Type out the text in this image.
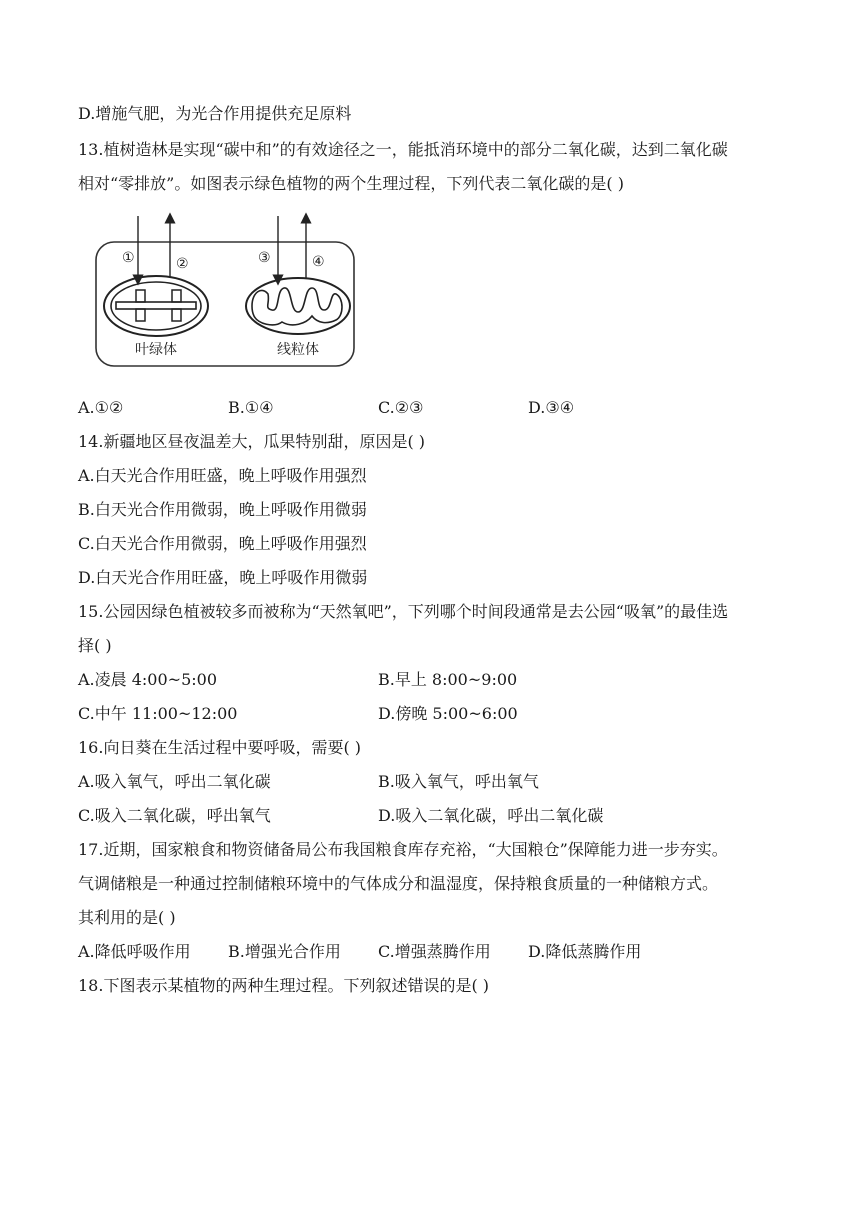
D.增施气肥，为光合作用提供充足原料
13.植树造林是实现“碳中和”的有效途径之一，能抵消环境中的部分二氧化碳，达到二氧化碳
相对“零排放”。如图表示绿色植物的两个生理过程，下列代表二氧化碳的是( )
①	②	③	④
叶绿体	线粒体
A.①②	B.①④	C.②③	D.③④
14.新疆地区昼夜温差大，瓜果特别甜，原因是( )
A.白天光合作用旺盛，晚上呼吸作用强烈
B.白天光合作用微弱，晚上呼吸作用微弱
C.白天光合作用微弱，晚上呼吸作用强烈
D.白天光合作用旺盛，晚上呼吸作用微弱
15.公园因绿色植被较多而被称为“天然氧吧”，下列哪个时间段通常是去公园“吸氧”的最佳选
择( )
A.凌晨 4:00~5:00	B.早上 8:00~9:00
C.中午 11:00~12:00	D.傍晚 5:00~6:00
16.向日葵在生活过程中要呼吸，需要( )
A.吸入氧气，呼出二氧化碳	B.吸入氧气，呼出氧气
C.吸入二氧化碳，呼出氧气	D.吸入二氧化碳，呼出二氧化碳
17.近期，国家粮食和物资储备局公布我国粮食库存充裕，“大国粮仓”保障能力进一步夯实。
气调储粮是一种通过控制储粮环境中的气体成分和温湿度，保持粮食质量的一种储粮方式。
其利用的是( )
A.降低呼吸作用 B.增强光合作用 C.增强蒸腾作用 D.降低蒸腾作用
18.下图表示某植物的两种生理过程。下列叙述错误的是( )
